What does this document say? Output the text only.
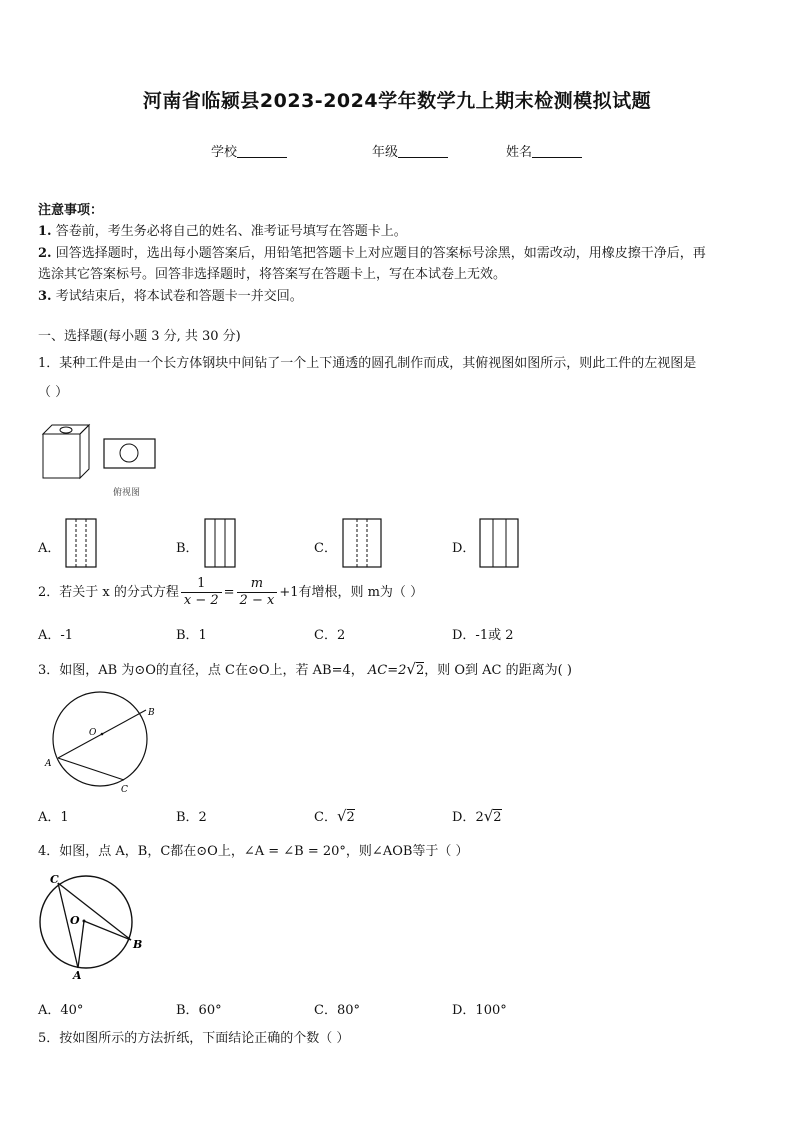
河南省临颍县2023-2024学年数学九上期末检测模拟试题
学校	年级	姓名
注意事项：
1. 答卷前，考生务必将自己的姓名、准考证号填写在答题卡上。
2. 回答选择题时，选出每小题答案后，用铅笔把答题卡上对应题目的答案标号涂黑，如需改动，用橡皮擦干净后，再
选涂其它答案标号。回答非选择题时，将答案写在答题卡上，写在本试卷上无效。
3. 考试结束后，将本试卷和答题卡一并交回。
一、选择题(每小题 3 分, 共 30 分)
1．某种工件是由一个长方体钢块中间钻了一个上下通透的圆孔制作而成，其俯视图如图所示，则此工件的左视图是
（ ）
俯视图
A．	B．	C．	D．
2．若关于 x 的分式方程 $\frac{1}{x - 2} = \frac{m}{2 - x} +1$有增根，则 m为（ ）
A．-1	B．1	C．2	D．-1或 2
3．如图，AB 为⊙O的直径，点 C在⊙O上，若 AB=4， AC=2√2，则 O到 AC 的距离为( )
O
B
A
C
A．1	B．2	C．√2	D．2√2
4．如图，点 A，B，C都在⊙O上，∠A = ∠B = 20°，则∠AOB等于（ ）
C
O
B
A
A．40°	B．60°	C．80°	D．100°
5．按如图所示的方法折纸，下面结论正确的个数（ ）
